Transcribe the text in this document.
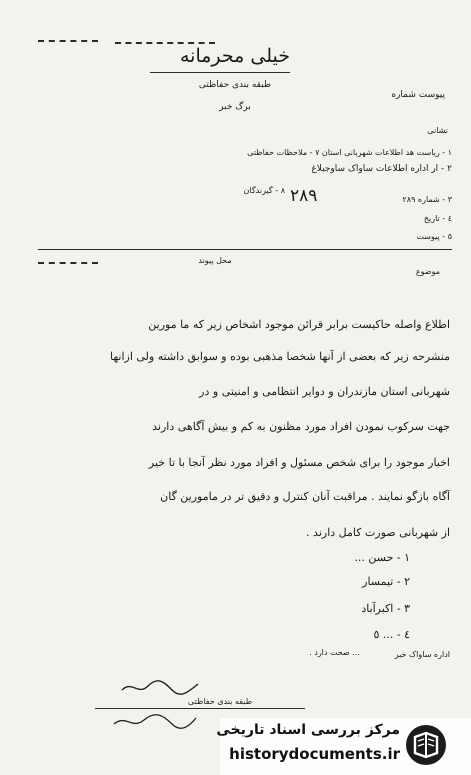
خیلی محرمانه
طبقه بندی حفاظتی
پیوست شماره
برگ خبر
نشانی
١ - ریاست هد اطلاعات شهربانی استان ٧ - ملاحظات حفاظتی
٢ - ار اداره اطلاعات ساواک ساوجبلاغ
٣ - شماره ٢٨٩
٨ - گیرندگان ٢٨٩
٤ - تاریخ
٥ - پیوست
محل پیوند
موضوع
اطلاع واصله حاکیست برابر قرائن موجود اشخاص زیر که ما مورین
منشرحه زیر که بعضی از آنها شخصا مذهبی بوده و سوابق داشته ولی ازانها
شهربانی استان مازندران و دوایر انتظامی و امنیتی و در
جهت سرکوب نمودن افراد مورد مظنون به کم و بیش آگاهی دارند
اخبار موجود را برای شخص مسئول و افراد مورد نظر آنجا با تا خیر
آگاه بازگو نمایند . مراقبت آنان کنترل و دقیق تر در مامورین گان
از شهربانی صورت کامل دارند .
١ - حسن ...
٢ - تیمسار
٣ - اکبرآباد
٤ - ... ٥
اداره ساواک خبر
... صحت دارد .
طبقه بندی حفاظتی
مرکز بررسی اسناد تاریخی
historydocuments.ir
